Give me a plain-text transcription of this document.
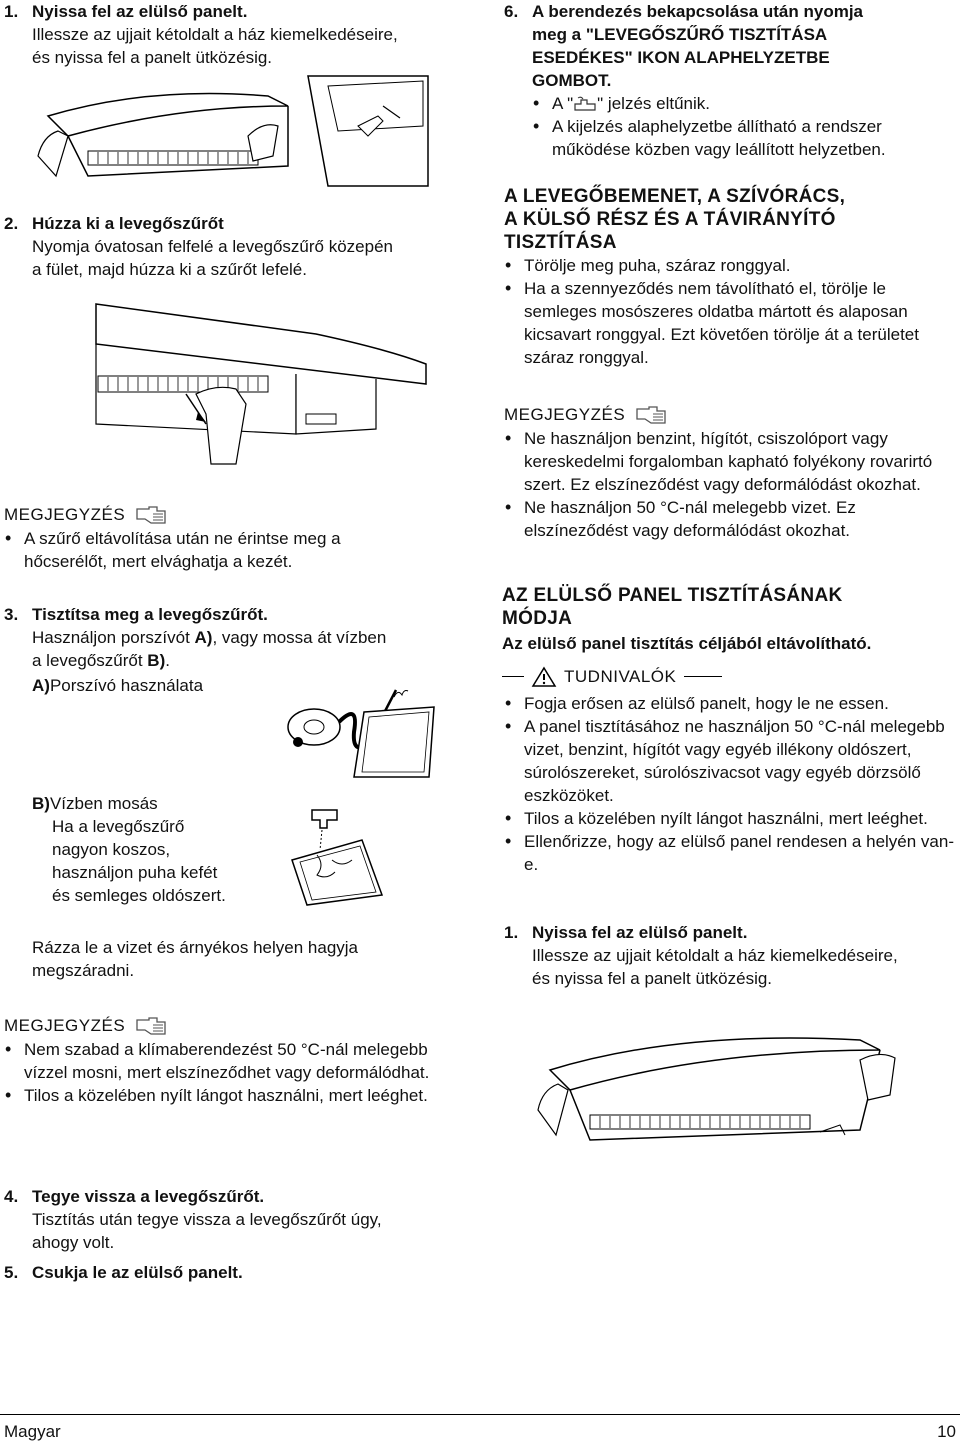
1. Nyissa fel az elülső panelt.
Illessze az ujjait kétoldalt a ház kiemelkedéseire,
és nyissa fel a panelt ütközésig.
2. Húzza ki a levegőszűrőt
Nyomja óvatosan felfelé a levegőszűrő közepén
a fület, majd húzza ki a szűrőt lefelé.
MEGJEGYZÉS
• A szűrő eltávolítása után ne érintse meg a hőcserélőt, mert elvághatja a kezét.
3. Tisztítsa meg a levegőszűrőt.
Használjon porszívót A), vagy mossa át vízben
a levegőszűrőt B).
A)Porszívó használata
B)Vízben mosás
Ha a levegőszűrő
nagyon koszos,
használjon puha kefét
és semleges oldószert.
Rázza le a vizet és árnyékos helyen hagyja
megszáradni.
MEGJEGYZÉS
• Nem szabad a klímaberendezést 50 °C-nál melegebb vízzel mosni, mert elszíneződhet vagy deformálódhat.
• Tilos a közelében nyílt lángot használni, mert leéghet.
4. Tegye vissza a levegőszűrőt.
Tisztítás után tegye vissza a levegőszűrőt úgy,
ahogy volt.
5. Csukja le az elülső panelt.
6. A berendezés bekapcsolása után nyomja
meg a "LEVEGŐSZŰRŐ TISZTÍTÁSA
ESEDÉKES" IKON ALAPHELYZETBE
GOMBOT.
• A " " jelzés eltűnik.
• A kijelzés alaphelyzetbe állítható a rendszer működése közben vagy leállított helyzetben.
A LEVEGŐBEMENET, A SZÍVÓRÁCS,
A KÜLSŐ RÉSZ ÉS A TÁVIRÁNYÍTÓ
TISZTÍTÁSA
• Törölje meg puha, száraz ronggyal.
• Ha a szennyeződés nem távolítható el, törölje le semleges mosószeres oldatba mártott és alaposan kicsavart ronggyal. Ezt követően törölje át a területet száraz ronggyal.
MEGJEGYZÉS
• Ne használjon benzint, hígítót, csiszolóport vagy kereskedelmi forgalomban kapható folyékony rovarirtó szert. Ez elszíneződést vagy deformálódást okozhat.
• Ne használjon 50 °C-nál melegebb vizet. Ez elszíneződést vagy deformálódást okozhat.
AZ ELÜLSŐ PANEL TISZTÍTÁSÁNAK
MÓDJA
Az elülső panel tisztítás céljából eltávolítható.
TUDNIVALÓK
• Fogja erősen az elülső panelt, hogy le ne essen.
• A panel tisztításához ne használjon 50 °C-nál melegebb vizet, benzint, hígítót vagy egyéb illékony oldószert, súrolószereket, súrolószivacsot vagy egyéb dörzsölő eszközöket.
• Tilos a közelében nyílt lángot használni, mert leéghet.
• Ellenőrizze, hogy az elülső panel rendesen a helyén van-e.
1. Nyissa fel az elülső panelt.
Illessze az ujjait kétoldalt a ház kiemelkedéseire,
és nyissa fel a panelt ütközésig.
Magyar	10
